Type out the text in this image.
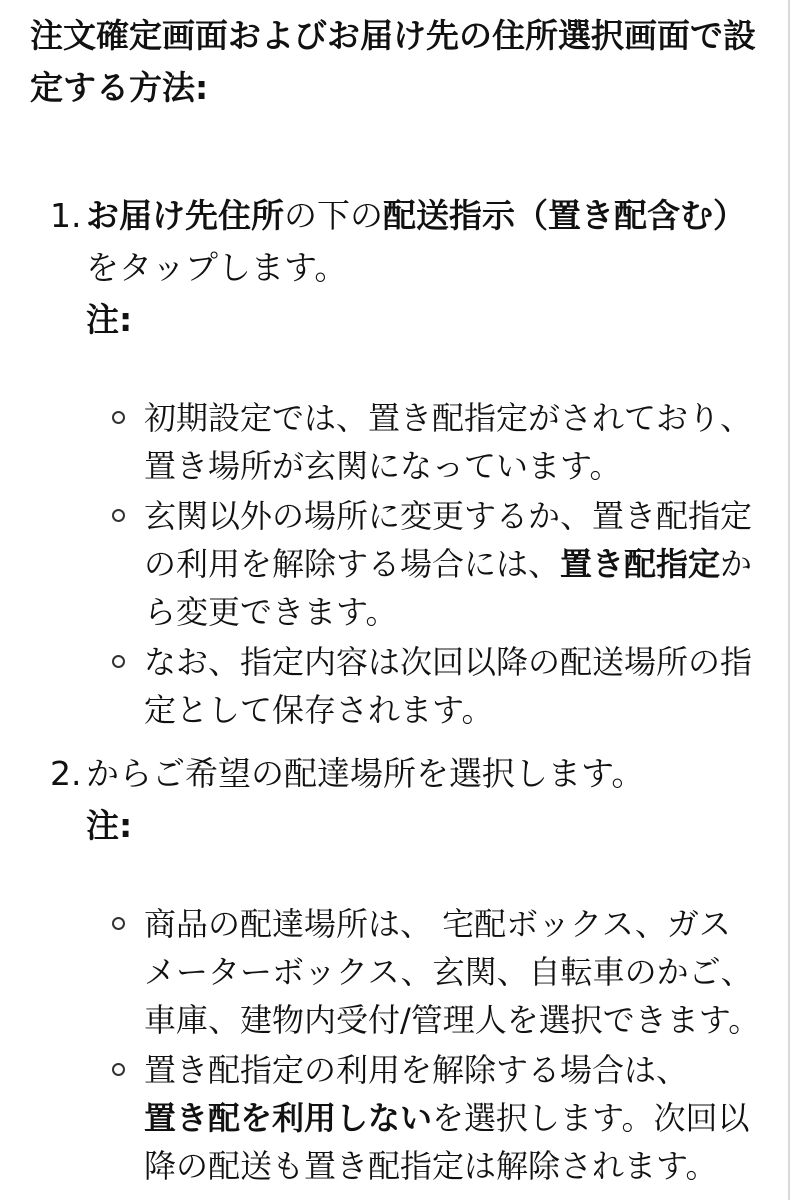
注文確定画面およびお届け先の住所選択画面で設定する方法:
1. お届け先住所の下の配送指示（置き配含む）をタップします。
注:
初期設定では、置き配指定がされており、置き場所が玄関になっています。
玄関以外の場所に変更するか、置き配指定の利用を解除する場合には、置き配指定から変更できます。
なお、指定内容は次回以降の配送場所の指定として保存されます。
2. からご希望の配達場所を選択します。
注:
商品の配達場所は、 宅配ボックス、ガスメーターボックス、玄関、自転車のかご、車庫、建物内受付/管理人を選択できます。
置き配指定の利用を解除する場合は、
置き配を利用しないを選択します。次回以降の配送も置き配指定は解除されます。
